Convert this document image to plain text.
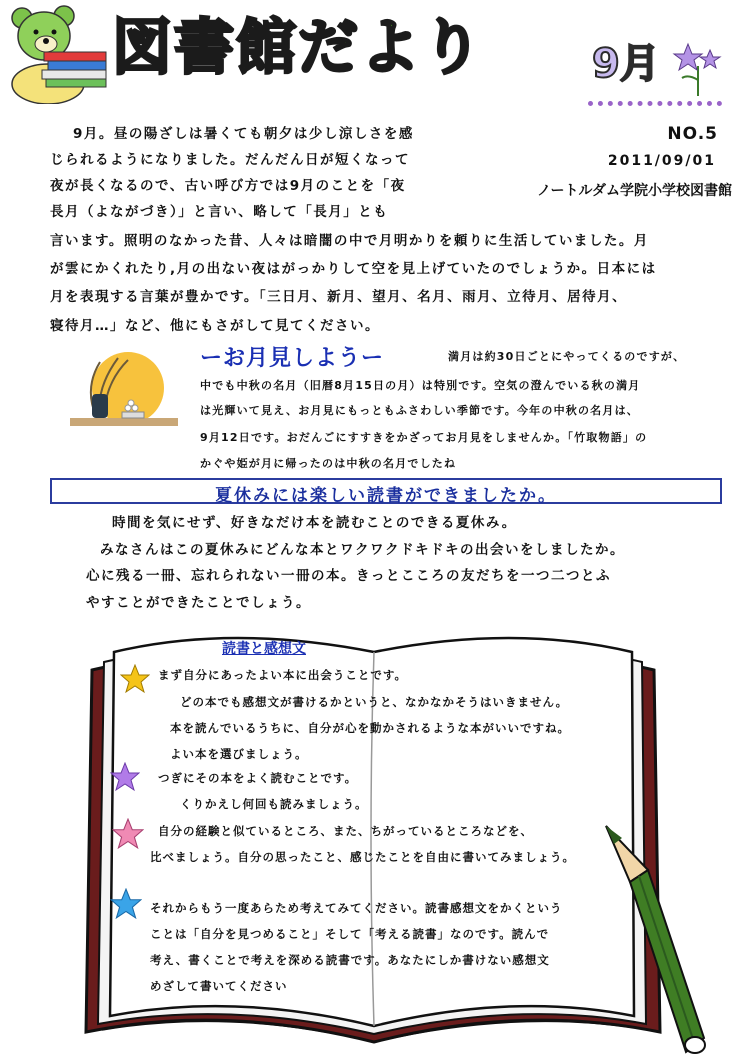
図書館だより	9月
9月。昼の陽ざしは暑くても朝夕は少し涼しさを感
じられるようになりました。だんだん日が短くなって
夜が長くなるので、古い呼び方では9月のことを「夜
長月（よながづき）」と言い、略して「長月」とも
言います。照明のなかった昔、人々は暗闇の中で月明かりを頼りに生活していました。月
が雲にかくれたり,月の出ない夜はがっかりして空を見上げていたのでしょうか。日本には
月を表現する言葉が豊かです。「三日月、新月、望月、名月、雨月、立待月、居待月、
寝待月…」など、他にもさがして見てください。
NO.5
2011/09/01
ノートルダム学院小学校図書館
ーお月見しようー	満月は約30日ごとにやってくるのですが、
中でも中秋の名月（旧暦8月15日の月）は特別です。空気の澄んでいる秋の満月
は光輝いて見え、お月見にもっともふさわしい季節です。今年の中秋の名月は、
9月12日です。おだんごにすすきをかざってお月見をしませんか。「竹取物語」の
かぐや姫が月に帰ったのは中秋の名月でしたね
夏休みには楽しい読書ができましたか。
時間を気にせず、好きなだけ本を読むことのできる夏休み。
みなさんはこの夏休みにどんな本とワクワクドキドキの出会いをしましたか。
心に残る一冊、忘れられない一冊の本。きっとこころの友だちを一つ二つとふ
やすことができたことでしょう。
読書と感想文
まず自分にあったよい本に出会うことです。
どの本でも感想文が書けるかというと、なかなかそうはいきません。
本を読んでいるうちに、自分が心を動かされるような本がいいですね。
よい本を選びましょう。
つぎにその本をよく読むことです。
くりかえし何回も読みましょう。
自分の経験と似ているところ、また、ちがっているところなどを、
比べましょう。自分の思ったこと、感じたことを自由に書いてみましょう。
それからもう一度あらため考えてみてください。読書感想文をかくという
ことは「自分を見つめること」そして「考える読書」なのです。読んで
考え、書くことで考えを深める読書です。あなたにしか書けない感想文
めざして書いてください
